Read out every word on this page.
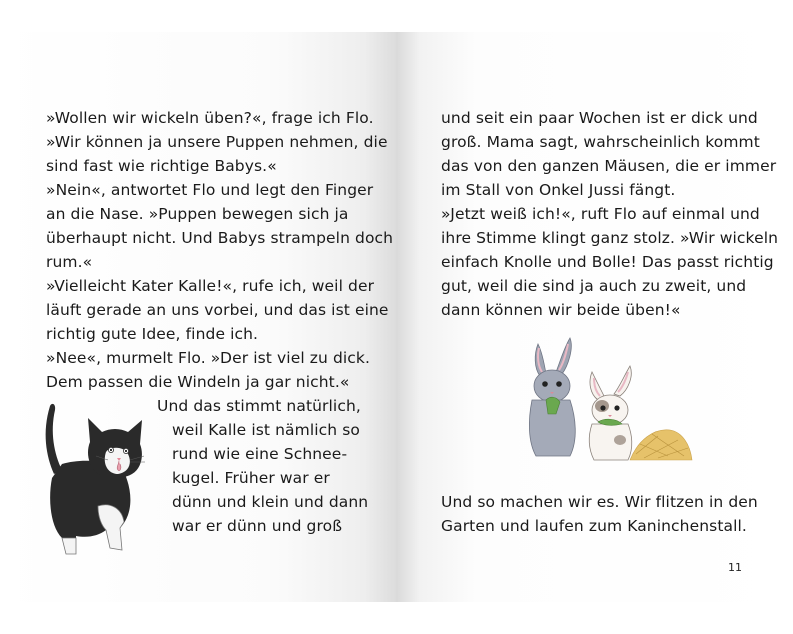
»Wollen wir wickeln üben?«, frage ich Flo.
»Wir können ja unsere Puppen nehmen, die
sind fast wie richtige Babys.«
»Nein«, antwortet Flo und legt den Finger
an die Nase. »Puppen bewegen sich ja
überhaupt nicht. Und Babys strampeln doch
rum.«
»Vielleicht Kater Kalle!«, rufe ich, weil der
läuft gerade an uns vorbei, und das ist eine
richtig gute Idee, finde ich.
»Nee«, murmelt Flo. »Der ist viel zu dick.
Dem passen die Windeln ja gar nicht.«
Und das stimmt natürlich,
weil Kalle ist nämlich so
rund wie eine Schnee-
kugel. Früher war er
dünn und klein und dann
war er dünn und groß
und seit ein paar Wochen ist er dick und
groß. Mama sagt, wahrscheinlich kommt
das von den ganzen Mäusen, die er immer
im Stall von Onkel Jussi fängt.
»Jetzt weiß ich!«, ruft Flo auf einmal und
ihre Stimme klingt ganz stolz. »Wir wickeln
einfach Knolle und Bolle! Das passt richtig
gut, weil die sind ja auch zu zweit, und
dann können wir beide üben!«
Und so machen wir es. Wir flitzen in den
Garten und laufen zum Kaninchenstall.
11
